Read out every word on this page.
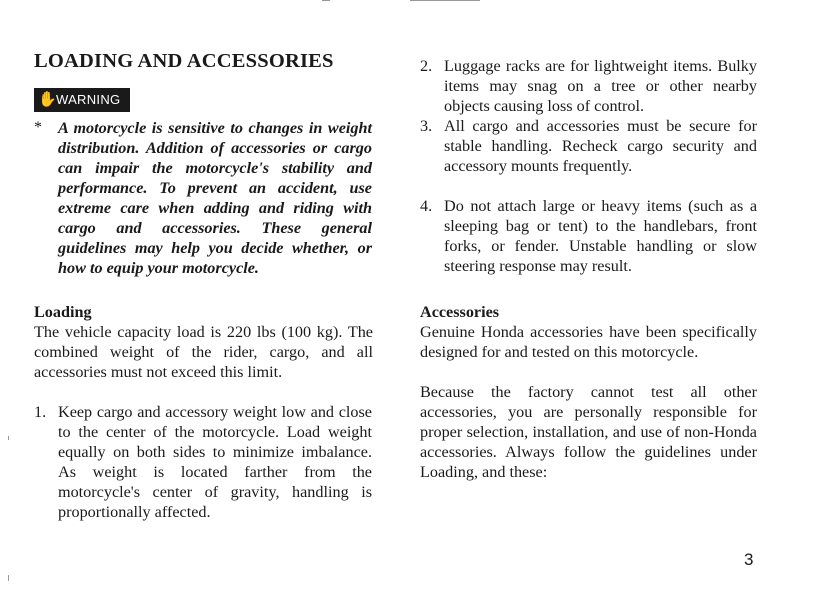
LOADING AND ACCESSORIES
✋ WARNING
* A motorcycle is sensitive to changes in weight distribution. Addition of accessories or cargo can impair the motorcycle's stability and performance. To prevent an accident, use extreme care when adding and riding with cargo and accessories. These general guidelines may help you decide whether, or how to equip your motorcycle.
Loading
The vehicle capacity load is 220 lbs (100 kg). The combined weight of the rider, cargo, and all accessories must not exceed this limit.
1. Keep cargo and accessory weight low and close to the center of the motorcycle. Load weight equally on both sides to minimize imbalance. As weight is located farther from the motorcycle's center of gravity, handling is proportionally affected.
2. Luggage racks are for lightweight items. Bulky items may snag on a tree or other nearby objects causing loss of control.
3. All cargo and accessories must be secure for stable handling. Recheck cargo security and accessory mounts frequently.
4. Do not attach large or heavy items (such as a sleeping bag or tent) to the handlebars, front forks, or fender. Unstable handling or slow steering response may result.
Accessories
Genuine Honda accessories have been specifically designed for and tested on this motorcycle.
Because the factory cannot test all other accessories, you are personally responsible for proper selection, installation, and use of non-Honda accessories. Always follow the guidelines under Loading, and these:
3
